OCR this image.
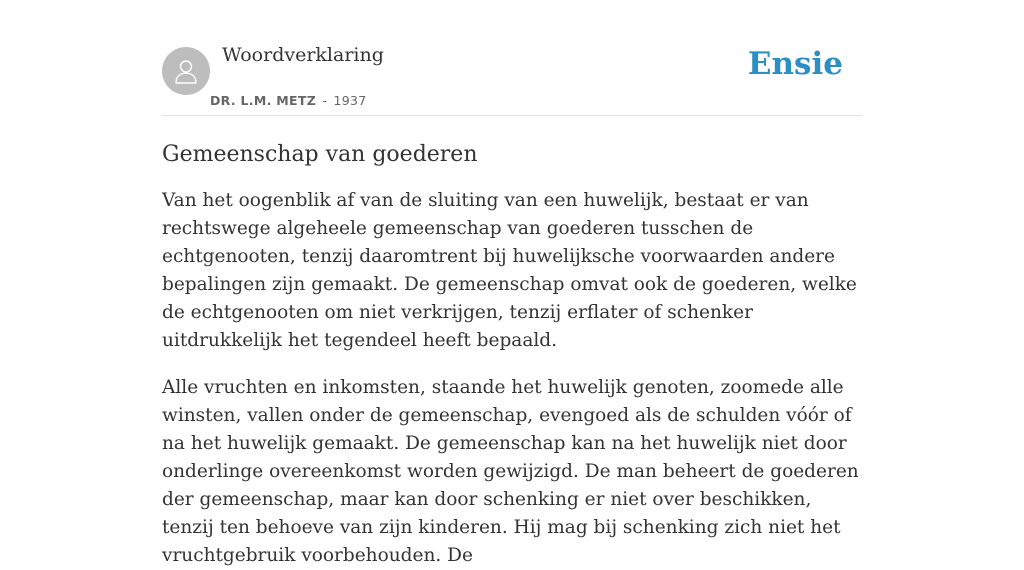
Woordverklaring
DR. L.M. METZ - 1937
Ensie
Gemeenschap van goederen

Van het oogenblik af van de sluiting van een huwelijk, bestaat er van rechtswege algeheele gemeenschap van goederen tusschen de echtgenooten, tenzij daaromtrent bij huwelijksche voorwaarden andere bepalingen zijn gemaakt. De gemeenschap omvat ook de goederen, welke de echtgenooten om niet verkrijgen, tenzij erflater of schenker uitdrukkelijk het tegendeel heeft bepaald.

Alle vruchten en inkomsten, staande het huwelijk genoten, zoomede alle winsten, vallen onder de gemeenschap, evengoed als de schulden vóór of na het huwelijk gemaakt. De gemeenschap kan na het huwelijk niet door onderlinge overeenkomst worden gewijzigd. De man beheert de goederen der gemeenschap, maar kan door schenking er niet over beschikken, tenzij ten behoeve van zijn kinderen. Hij mag bij schenking zich niet het vruchtgebruik voorbehouden. De
